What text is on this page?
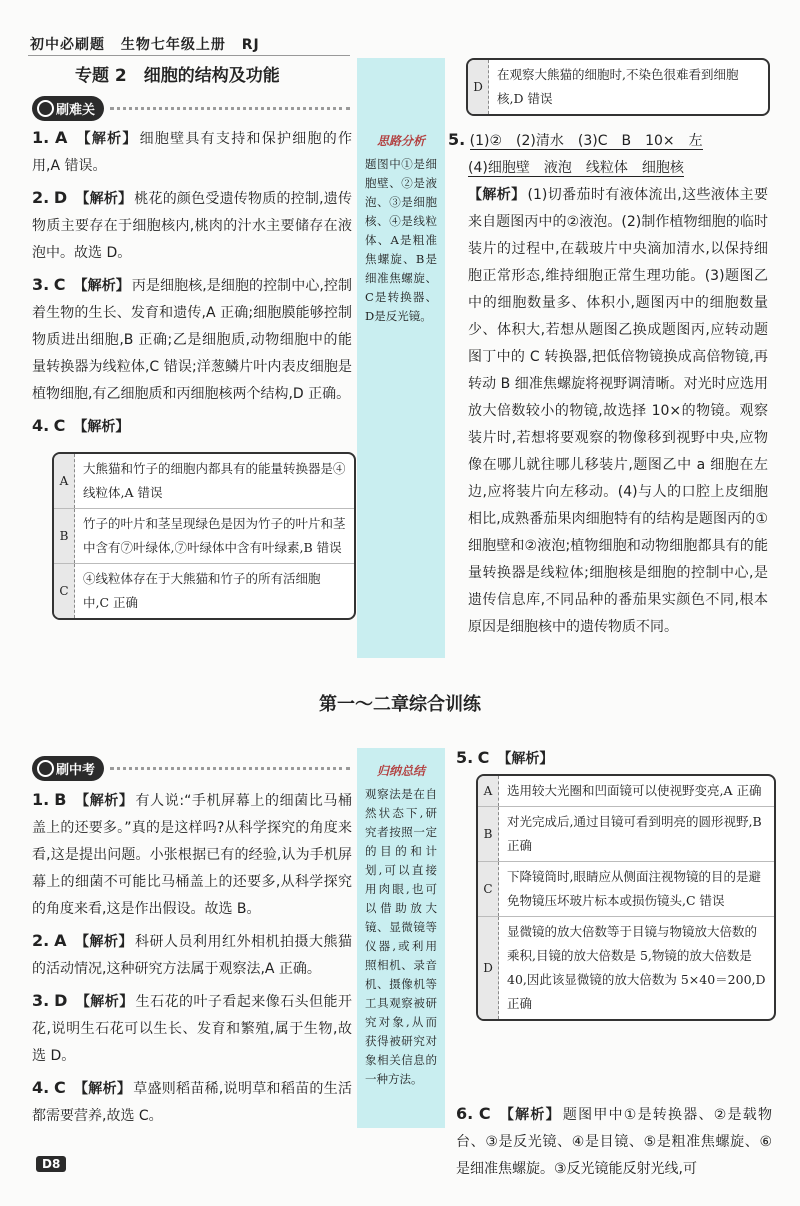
初中必刷题 生物七年级上册 RJ
专题 2　细胞的结构及功能
刷难关
1. A 【解析】 细胞壁具有支持和保护细胞的作用,A 错误。
2. D 【解析】 桃花的颜色受遗传物质的控制,遗传物质主要存在于细胞核内,桃肉的汁水主要储存在液泡中。故选 D。
3. C 【解析】 丙是细胞核,是细胞的控制中心,控制着生物的生长、发育和遗传,A 正确;细胞膜能够控制物质进出细胞,B 正确;乙是细胞质,动物细胞中的能量转换器为线粒体,C 错误;洋葱鳞片叶内表皮细胞是植物细胞,有乙细胞质和丙细胞核两个结构,D 正确。
4. C 【解析】
A
大熊猫和竹子的细胞内都具有的能量转换器是④线粒体,A 错误
B
竹子的叶片和茎呈现绿色是因为竹子的叶片和茎中含有⑦叶绿体,⑦叶绿体中含有叶绿素,B 错误
C
④线粒体存在于大熊猫和竹子的所有活细胞中,C 正确
思路分析
题图中①是细胞壁、②是液泡、③是细胞核、④是线粒体、A是粗准焦螺旋、B是细准焦螺旋、C是转换器、D是反光镜。
D
在观察大熊猫的细胞时,不染色很难看到细胞核,D 错误
5. (1)②　(2)清水　(3)C　B　10×　左
(4)细胞壁　液泡　线粒体　细胞核
【解析】 (1)切番茄时有液体流出,这些液体主要来自题图丙中的②液泡。(2)制作植物细胞的临时装片的过程中,在载玻片中央滴加清水,以保持细胞正常形态,维持细胞正常生理功能。(3)题图乙中的细胞数量多、体积小,题图丙中的细胞数量少、体积大,若想从题图乙换成题图丙,应转动题图丁中的 C 转换器,把低倍物镜换成高倍物镜,再转动 B 细准焦螺旋将视野调清晰。对光时应选用放大倍数较小的物镜,故选择 10×的物镜。观察装片时,若想将要观察的物像移到视野中央,应物像在哪儿就往哪儿移装片,题图乙中 a 细胞在左边,应将装片向左移动。(4)与人的口腔上皮细胞相比,成熟番茄果肉细胞特有的结构是题图丙的①细胞壁和②液泡;植物细胞和动物细胞都具有的能量转换器是线粒体;细胞核是细胞的控制中心,是遗传信息库,不同品种的番茄果实颜色不同,根本原因是细胞核中的遗传物质不同。
第一～二章综合训练
刷中考
1. B 【解析】 有人说:“手机屏幕上的细菌比马桶盖上的还要多。”真的是这样吗?从科学探究的角度来看,这是提出问题。小张根据已有的经验,认为手机屏幕上的细菌不可能比马桶盖上的还要多,从科学探究的角度来看,这是作出假设。故选 B。
2. A 【解析】 科研人员利用红外相机拍摄大熊猫的活动情况,这种研究方法属于观察法,A 正确。
3. D 【解析】 生石花的叶子看起来像石头但能开花,说明生石花可以生长、发育和繁殖,属于生物,故选 D。
4. C 【解析】 草盛则稻苗稀,说明草和稻苗的生活都需要营养,故选 C。
归纳总结
观察法是在自然状态下,研究者按照一定的目的和计划,可以直接用肉眼,也可以借助放大镜、显微镜等仪器,或利用照相机、录音机、摄像机等工具观察被研究对象,从而获得被研究对象相关信息的一种方法。
5. C 【解析】
A	选用较大光圈和凹面镜可以使视野变亮,A 正确
B
对光完成后,通过目镜可看到明亮的圆形视野,B 正确
C
下降镜筒时,眼睛应从侧面注视物镜的目的是避免物镜压坏玻片标本或损伤镜头,C 错误
D
显微镜的放大倍数等于目镜与物镜放大倍数的乘积,目镜的放大倍数是 5,物镜的放大倍数是 40,因此该显微镜的放大倍数为 5×40＝200,D 正确
6. C 【解析】 题图甲中①是转换器、②是载物台、③是反光镜、④是目镜、⑤是粗准焦螺旋、⑥是细准焦螺旋。③反光镜能反射光线,可
D8
